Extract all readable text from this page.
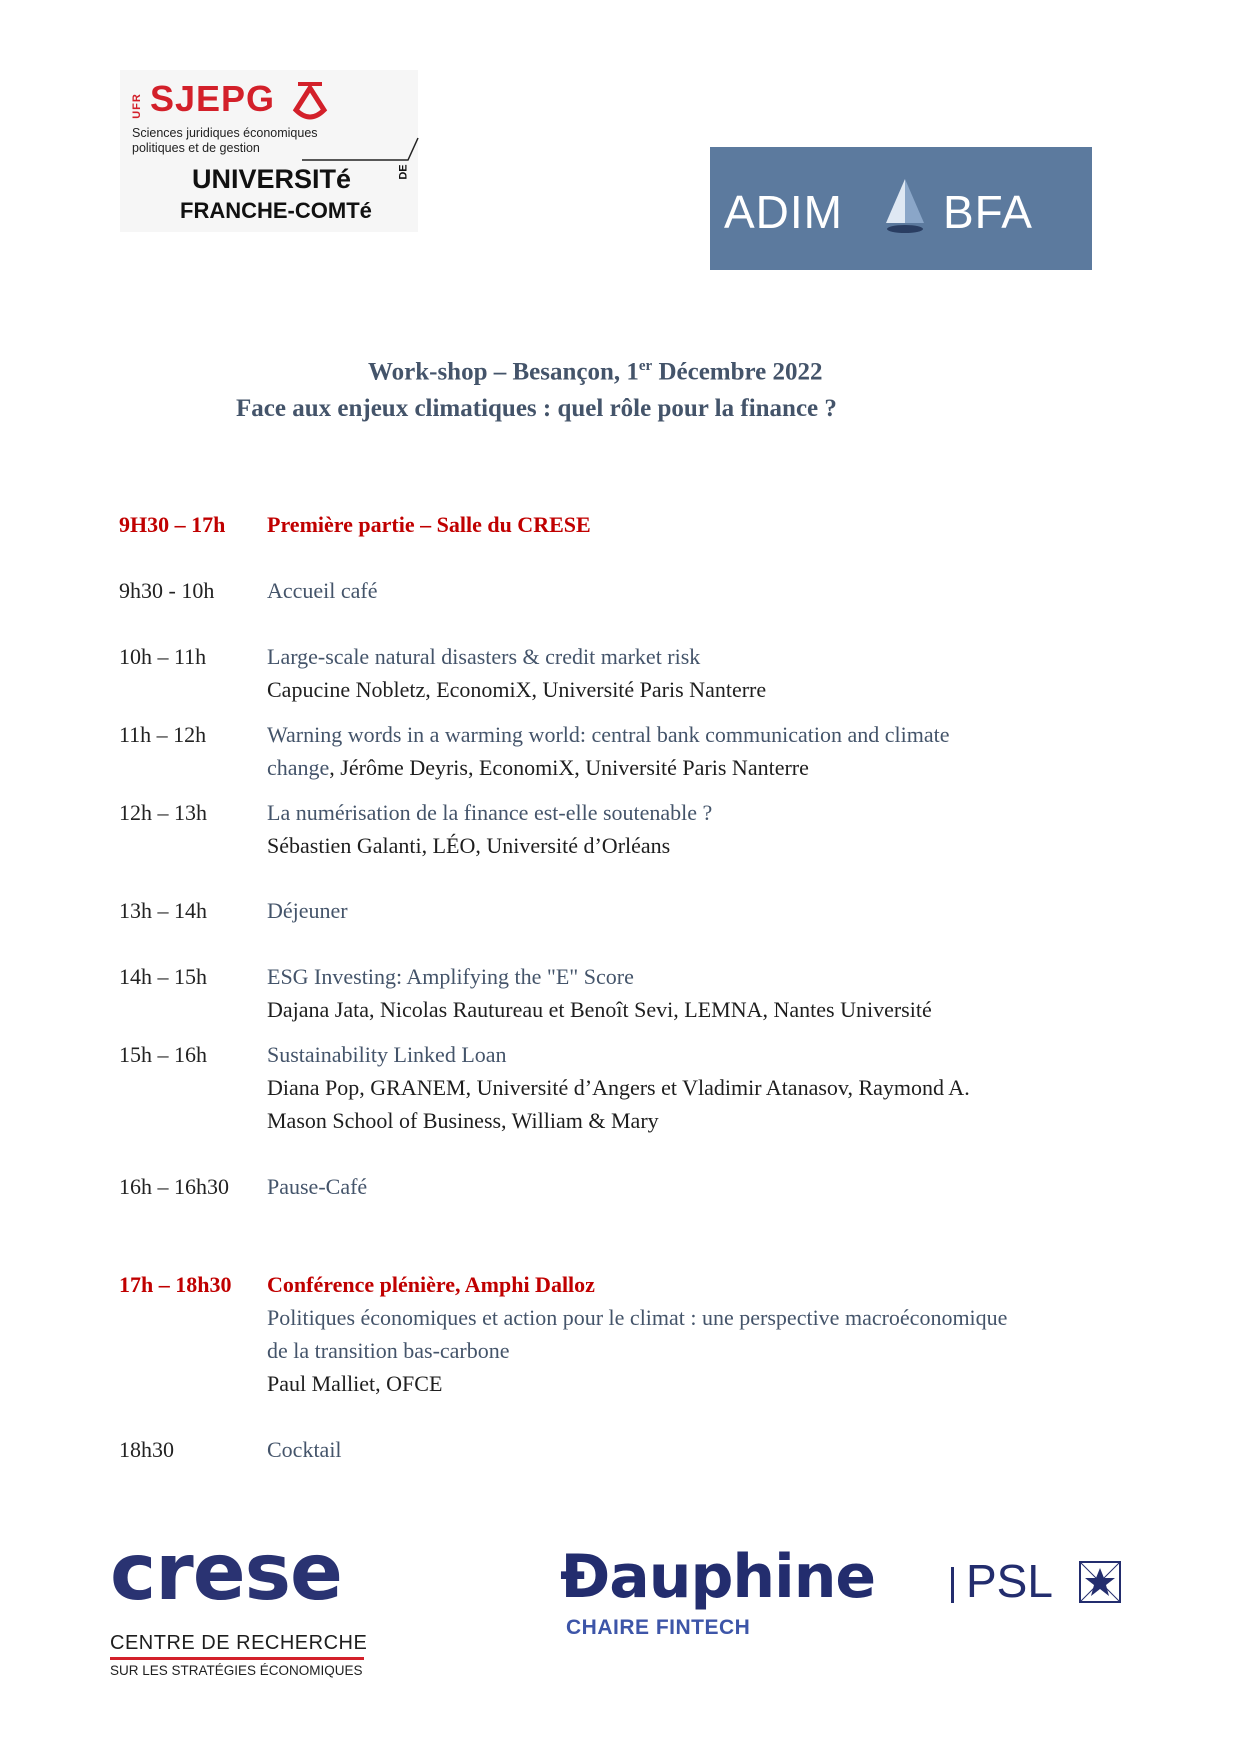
UFR SJEPG
Sciences juridiques économiques
politiques et de gestion
UNIVERSITé	DE
FRANCHE-COMTé	ADIM BFA
Work-shop – Besançon, 1er Décembre 2022
Face aux enjeux climatiques : quel rôle pour la finance ?
9H30 – 17h Première partie – Salle du CRESE
9h30 - 10h Accueil café
10h – 11h	Large-scale natural disasters & credit market risk
Capucine Nobletz, EconomiX, Université Paris Nanterre
11h – 12h	Warning words in a warming world: central bank communication and climate
change, Jérôme Deyris, EconomiX, Université Paris Nanterre
12h – 13h	La numérisation de la finance est-elle soutenable ?
Sébastien Galanti, LÉO, Université d’Orléans
13h – 14h	Déjeuner
14h – 15h	ESG Investing: Amplifying the "E" Score
Dajana Jata, Nicolas Rautureau et Benoît Sevi, LEMNA, Nantes Université
15h – 16h	Sustainability Linked Loan
Diana Pop, GRANEM, Université d’Angers et Vladimir Atanasov, Raymond A.
Mason School of Business, William & Mary
16h – 16h30 Pause-Café
17h – 18h30 Conférence plénière, Amphi Dalloz
Politiques économiques et action pour le climat : une perspective macroéconomique
de la transition bas-carbone
Paul Malliet, OFCE
18h30	Cocktail
crese
CENTRE DE RECHERCHE
SUR LES STRATÉGIES ÉCONOMIQUES
Ɖauphine PSL
CHAIRE FINTECH
